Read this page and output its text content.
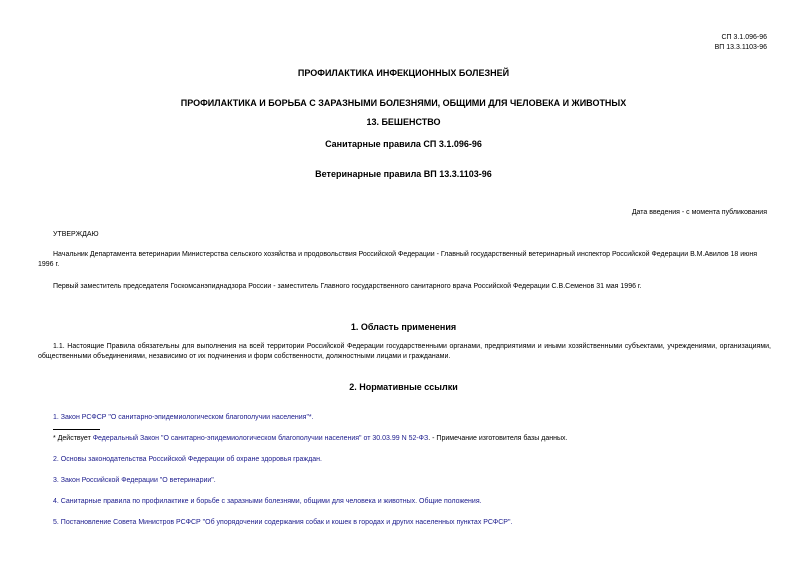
СП 3.1.096-96
ВП 13.3.1103-96
ПРОФИЛАКТИКА ИНФЕКЦИОННЫХ БОЛЕЗНЕЙ
ПРОФИЛАКТИКА И БОРЬБА С ЗАРАЗНЫМИ БОЛЕЗНЯМИ, ОБЩИМИ ДЛЯ ЧЕЛОВЕКА И ЖИВОТНЫХ
13. БЕШЕНСТВО
Санитарные правила СП 3.1.096-96
Ветеринарные правила ВП 13.3.1103-96
Дата введения - с момента публикования
УТВЕРЖДАЮ
Начальник Департамента ветеринарии Министерства сельского хозяйства и продовольствия Российской Федерации - Главный государственный ветеринарный инспектор Российской Федерации В.М.Авилов 18 июня 1996 г.
Первый заместитель председателя Госкомсанэпиднадзора России - заместитель Главного государственного санитарного врача Российской Федерации С.В.Семенов 31 мая 1996 г.
1. Область применения
1.1. Настоящие Правила обязательны для выполнения на всей территории Российской Федерации государственными органами, предприятиями и иными хозяйственными субъектами, учреждениями, организациями, общественными объединениями, независимо от их подчинения и форм собственности, должностными лицами и гражданами.
2. Нормативные ссылки
1. Закон РСФСР "О санитарно-эпидемиологическом благополучии населения"*.
* Действует Федеральный Закон "О санитарно-эпидемиологическом благополучии населения" от 30.03.99 N 52-ФЗ. - Примечание изготовителя базы данных.
2. Основы законодательства Российской Федерации об охране здоровья граждан.
3. Закон Российской Федерации "О ветеринарии".
4. Санитарные правила по профилактике и борьбе с заразными болезнями, общими для человека и животных. Общие положения.
5. Постановление Совета Министров РСФСР "Об упорядочении содержания собак и кошек в городах и других населенных пунктах РСФСР".
